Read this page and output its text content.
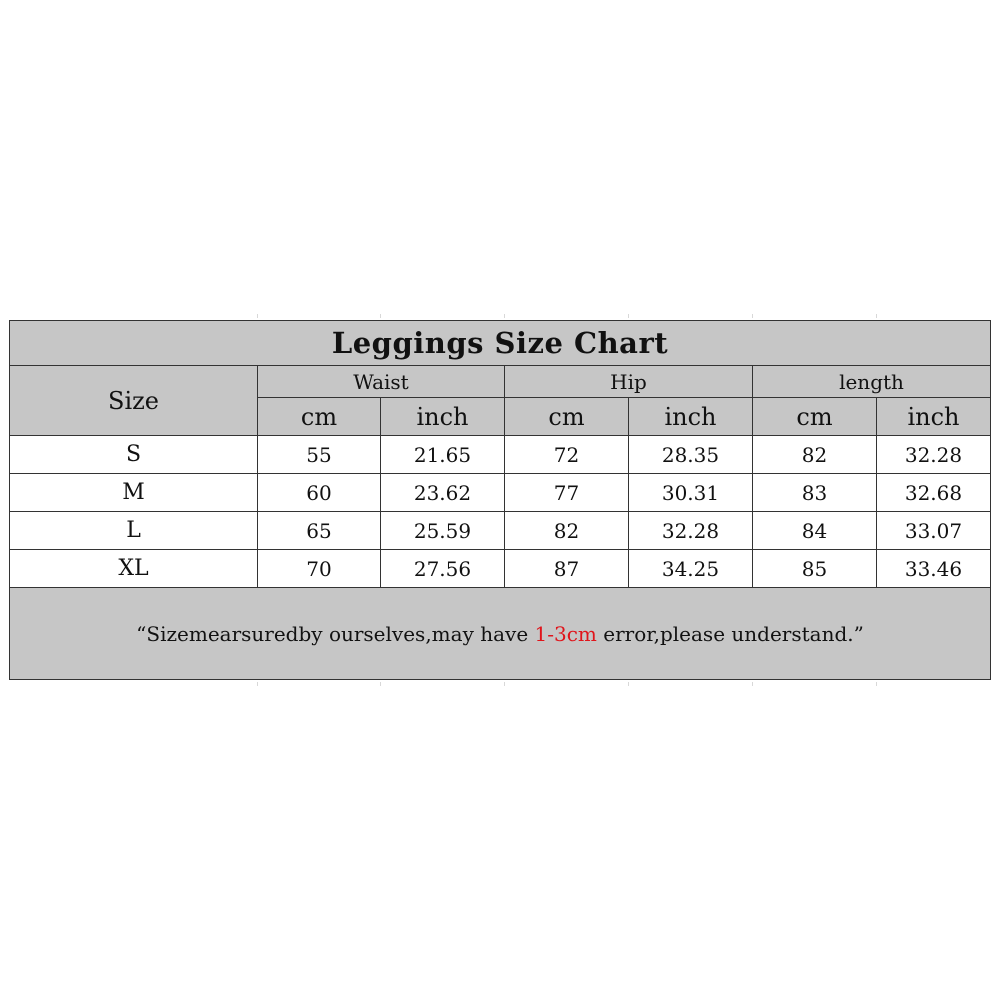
Leggings Size Chart						
Size	Waist		Hip		length	
	cm	inch	cm	inch	cm	inch
S	55	21.65	72	28.35	82	32.28
M	60	23.62	77	30.31	83	32.68
L	65	25.59	82	32.28	84	33.07
XL	70	27.56	87	34.25	85	33.46
“Sizemearsuredby ourselves,may have 1-3cm error,please understand.”						
